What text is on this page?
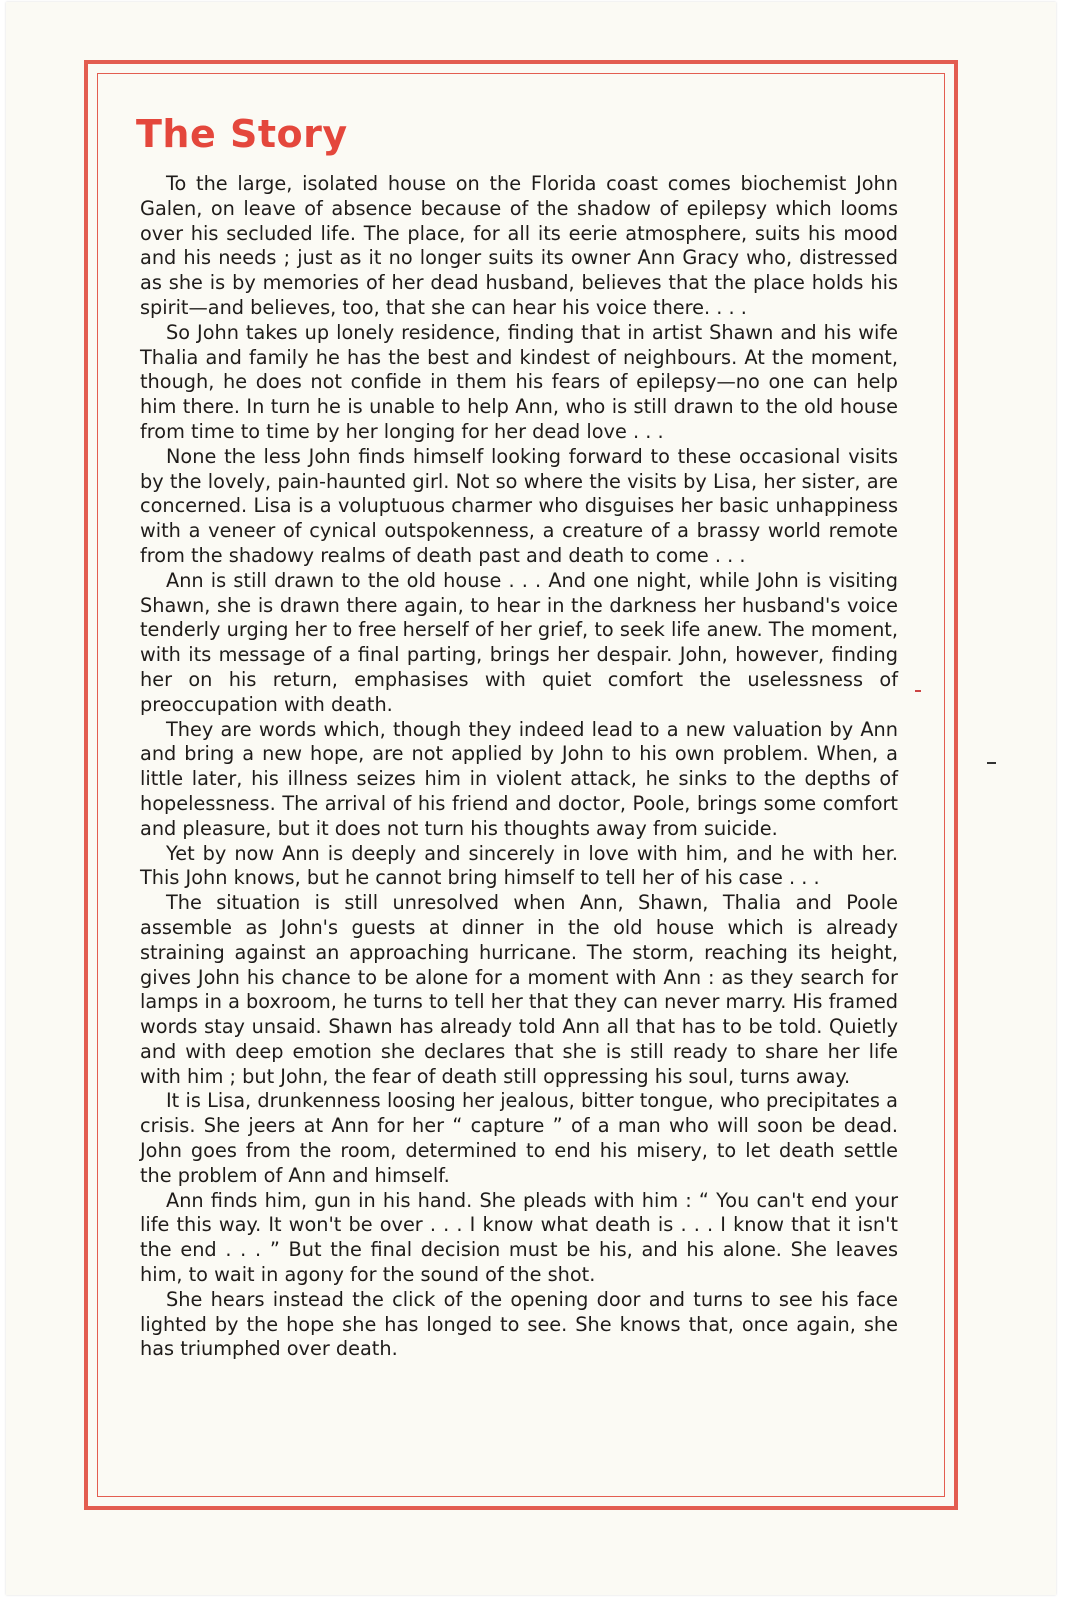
The Story

To the large, isolated house on the Florida coast comes biochemist John Galen, on leave of absence because of the shadow of epilepsy which looms over his secluded life. The place, for all its eerie atmosphere, suits his mood and his needs ; just as it no longer suits its owner Ann Gracy who, distressed as she is by memories of her dead husband, believes that the place holds his spirit—and believes, too, that she can hear his voice there. . . .

So John takes up lonely residence, finding that in artist Shawn and his wife Thalia and family he has the best and kindest of neighbours. At the moment, though, he does not confide in them his fears of epilepsy—no one can help him there. In turn he is unable to help Ann, who is still drawn to the old house from time to time by her longing for her dead love . . .

None the less John finds himself looking forward to these occasional visits by the lovely, pain-haunted girl. Not so where the visits by Lisa, her sister, are concerned. Lisa is a voluptuous charmer who disguises her basic unhappiness with a veneer of cynical outspokenness, a creature of a brassy world remote from the shadowy realms of death past and death to come . . .

Ann is still drawn to the old house . . . And one night, while John is visiting Shawn, she is drawn there again, to hear in the darkness her husband's voice tenderly urging her to free herself of her grief, to seek life anew. The moment, with its message of a final parting, brings her despair. John, however, finding her on his return, emphasises with quiet comfort the uselessness of preoccupation with death.

They are words which, though they indeed lead to a new valuation by Ann and bring a new hope, are not applied by John to his own problem. When, a little later, his illness seizes him in violent attack, he sinks to the depths of hopelessness. The arrival of his friend and doctor, Poole, brings some comfort and pleasure, but it does not turn his thoughts away from suicide.

Yet by now Ann is deeply and sincerely in love with him, and he with her. This John knows, but he cannot bring himself to tell her of his case . . .

The situation is still unresolved when Ann, Shawn, Thalia and Poole assemble as John's guests at dinner in the old house which is already straining against an approaching hurricane. The storm, reaching its height, gives John his chance to be alone for a moment with Ann : as they search for lamps in a boxroom, he turns to tell her that they can never marry. His framed words stay unsaid. Shawn has already told Ann all that has to be told. Quietly and with deep emotion she declares that she is still ready to share her life with him ; but John, the fear of death still oppressing his soul, turns away.

It is Lisa, drunkenness loosing her jealous, bitter tongue, who precipitates a crisis. She jeers at Ann for her “ capture ” of a man who will soon be dead. John goes from the room, determined to end his misery, to let death settle the problem of Ann and himself.

Ann finds him, gun in his hand. She pleads with him : “ You can't end your life this way. It won't be over . . . I know what death is . . . I know that it isn't the end . . . ” But the final decision must be his, and his alone. She leaves him, to wait in agony for the sound of the shot.

She hears instead the click of the opening door and turns to see his face lighted by the hope she has longed to see. She knows that, once again, she has triumphed over death.
